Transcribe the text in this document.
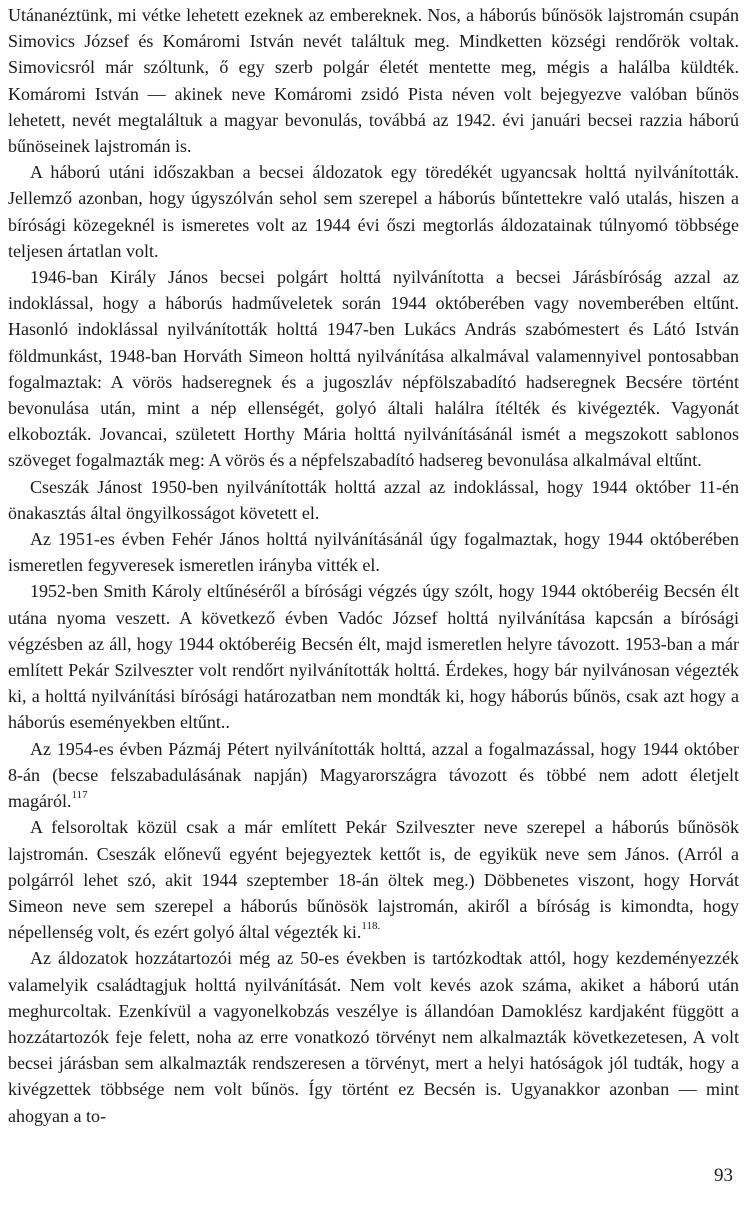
Utánanéztünk, mi vétke lehetett ezeknek az embereknek. Nos, a háborús bűnösök lajstromán csupán Simovics József és Komáromi István nevét találtuk meg. Mindketten községi rendőrök voltak. Simovicsról már szóltunk, ő egy szerb polgár életét mentette meg, mégis a halálba küldték. Komáromi István — akinek neve Komáromi zsidó Pista néven volt bejegyezve valóban bűnös lehetett, nevét megtaláltuk a magyar bevonulás, továbbá az 1942. évi januári becsei razzia háború bűnöseinek lajstromán is.

A háború utáni időszakban a becsei áldozatok egy töredékét ugyancsak holttá nyilvánították. Jellemző azonban, hogy úgyszólván sehol sem szerepel a háborús bűntettekre való utalás, hiszen a bírósági közegeknél is ismeretes volt az 1944 évi őszi megtorlás áldozatainak túlnyomó többsége teljesen ártatlan volt.

1946-ban Király János becsei polgárt holttá nyilvánította a becsei Járásbíróság azzal az indoklással, hogy a háborús hadműveletek során 1944 októberében vagy novemberében eltűnt. Hasonló indoklással nyilvánították holttá 1947-ben Lukács András szabómestert és Látó István földmunkást, 1948-ban Horváth Simeon holttá nyilvánítása alkalmával valamennyivel pontosabban fogalmaztak: A vörös hadseregnek és a jugoszláv népfölszabadító hadseregnek Becsére történt bevonulása után, mint a nép ellenségét, golyó általi halálra ítélték és kivégezték. Vagyonát elkobozták. Jovancai, született Horthy Mária holttá nyilvánításánál ismét a megszokott sablonos szöveget fogalmazták meg: A vörös és a népfelszabadító hadsereg bevonulása alkalmával eltűnt.

Cseszák Jánost 1950-ben nyilvánították holttá azzal az indoklással, hogy 1944 október 11-én önakasztás által öngyilkosságot követett el.

Az 1951-es évben Fehér János holttá nyilvánításánál úgy fogalmaztak, hogy 1944 októberében ismeretlen fegyveresek ismeretlen irányba vitték el.

1952-ben Smith Károly eltűnéséről a bírósági végzés úgy szólt, hogy 1944 októberéig Becsén élt utána nyoma veszett. A következő évben Vadóc József holttá nyilvánítása kapcsán a bírósági végzésben az áll, hogy 1944 októberéig Becsén élt, majd ismeretlen helyre távozott. 1953-ban a már említett Pekár Szilveszter volt rendőrt nyilvánították holttá. Érdekes, hogy bár nyilvánosan végezték ki, a holttá nyilvánítási bírósági határozatban nem mondták ki, hogy háborús bűnös, csak azt hogy a háborús eseményekben eltűnt..

Az 1954-es évben Pázmáj Pétert nyilvánították holttá, azzal a fogalmazással, hogy 1944 október 8-án (becse felszabadulásának napján) Magyarországra távozott és többé nem adott életjelt magáról.$^{117}$

A felsoroltak közül csak a már említett Pekár Szilveszter neve szerepel a háborús bűnösök lajstromán. Cseszák előnevű egyént bejegyeztek kettőt is, de egyikük neve sem János. (Arról a polgárról lehet szó, akit 1944 szeptember 18-án öltek meg.) Döbbenetes viszont, hogy Horvát Simeon neve sem szerepel a háborús bűnösök lajstromán, akiről a bíróság is kimondta, hogy népellenség volt, és ezért golyó által végezték ki.$^{118.}$

Az áldozatok hozzátartozói még az 50-es években is tartózkodtak attól, hogy kezdeményezzék valamelyik családtagjuk holttá nyilvánítását. Nem volt kevés azok száma, akiket a háború után meghurcoltak. Ezenkívül a vagyonelkobzás veszélye is állandóan Damoklész kardjaként függött a hozzátartozók feje felett, noha az erre vonatkozó törvényt nem alkalmazták következetesen, A volt becsei járásban sem alkalmazták rendszeresen a törvényt, mert a helyi hatóságok jól tudták, hogy a kivégzettek többsége nem volt bűnös. Így történt ez Becsén is. Ugyanakkor azonban — mint ahogyan a to-

93
